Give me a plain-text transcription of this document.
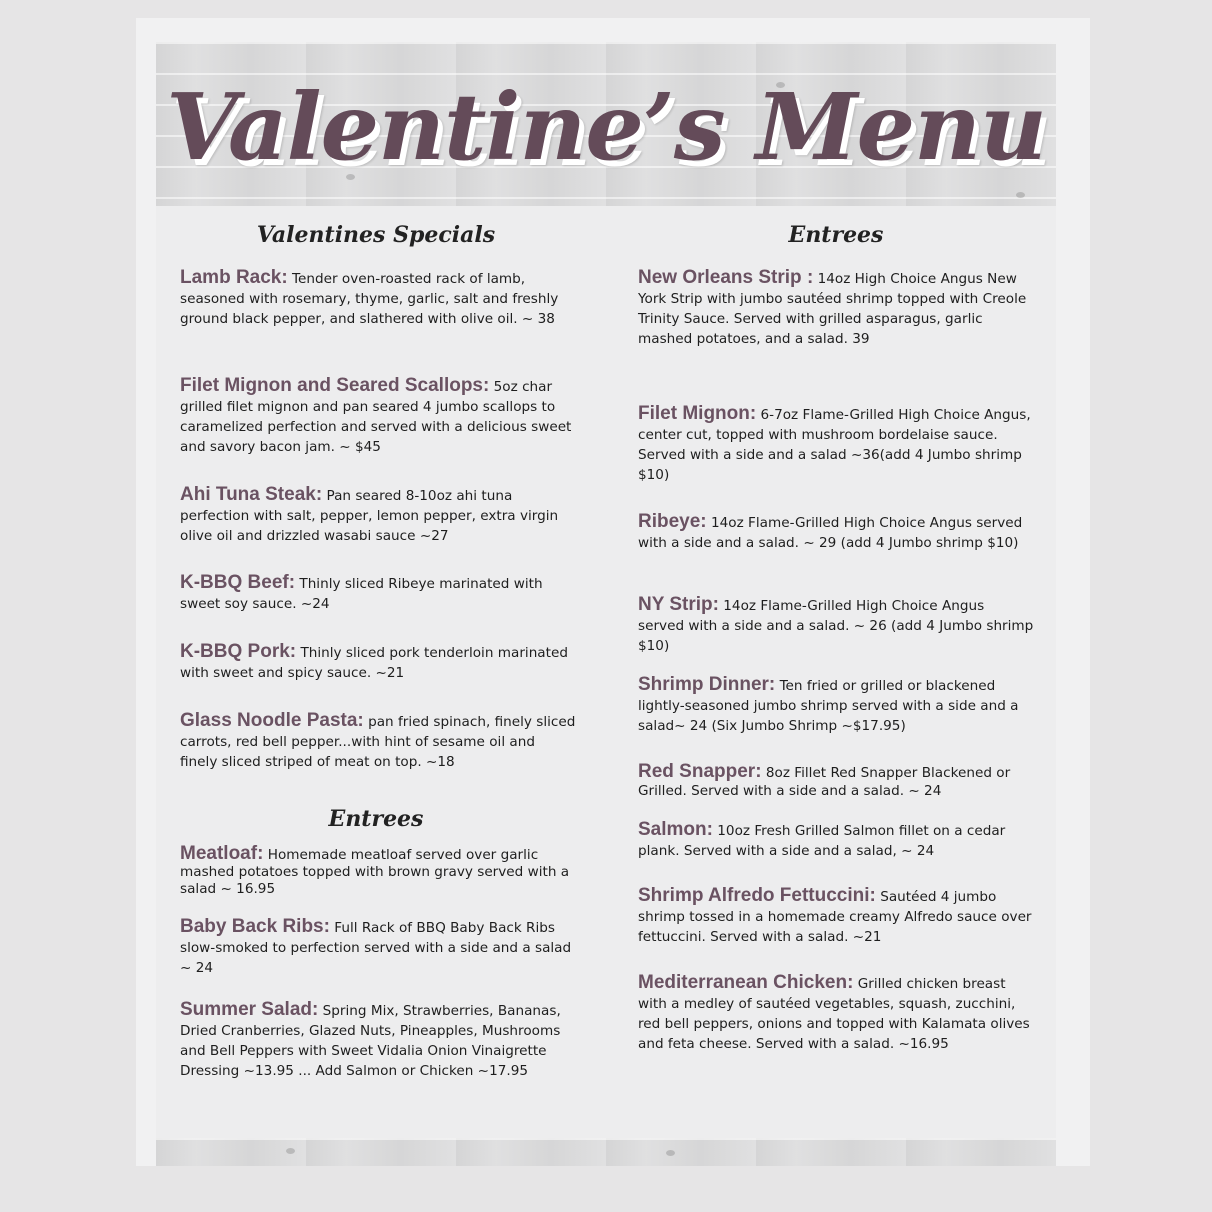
Valentine’s Menu
Valentines Specials
Lamb Rack: Tender oven-roasted rack of lamb, seasoned with rosemary, thyme, garlic, salt and freshly ground black pepper, and slathered with olive oil. ~ 38
Filet Mignon and Seared Scallops: 5oz char grilled filet mignon and pan seared 4 jumbo scallops to caramelized perfection and served with a delicious sweet and savory bacon jam. ~ $45
Ahi Tuna Steak: Pan seared 8-10oz ahi tuna perfection with salt, pepper, lemon pepper, extra virgin olive oil and drizzled wasabi sauce ~27
K-BBQ Beef: Thinly sliced Ribeye marinated with sweet soy sauce. ~24
K-BBQ Pork: Thinly sliced pork tenderloin marinated with sweet and spicy sauce. ~21
Glass Noodle Pasta: pan fried spinach, finely sliced carrots, red bell pepper...with hint of sesame oil and finely sliced striped of meat on top. ~18
Entrees
Meatloaf: Homemade meatloaf served over garlic mashed potatoes topped with brown gravy served with a salad ~ 16.95
Baby Back Ribs: Full Rack of BBQ Baby Back Ribs slow-smoked to perfection served with a side and a salad ~ 24
Summer Salad: Spring Mix, Strawberries, Bananas, Dried Cranberries, Glazed Nuts, Pineapples, Mushrooms and Bell Peppers with Sweet Vidalia Onion Vinaigrette Dressing ~13.95 ... Add Salmon or Chicken ~17.95
Entrees
New Orleans Strip : 14oz High Choice Angus New York Strip with jumbo sautéed shrimp topped with Creole Trinity Sauce. Served with grilled asparagus, garlic mashed potatoes, and a salad. 39
Filet Mignon: 6-7oz Flame-Grilled High Choice Angus, center cut, topped with mushroom bordelaise sauce. Served with a side and a salad ~36(add 4 Jumbo shrimp $10)
Ribeye: 14oz Flame-Grilled High Choice Angus served with a side and a salad. ~ 29 (add 4 Jumbo shrimp $10)
NY Strip: 14oz Flame-Grilled High Choice Angus served with a side and a salad. ~ 26 (add 4 Jumbo shrimp $10)
Shrimp Dinner: Ten fried or grilled or blackened lightly-seasoned jumbo shrimp served with a side and a salad~ 24 (Six Jumbo Shrimp ~$17.95)
Red Snapper: 8oz Fillet Red Snapper Blackened or Grilled. Served with a side and a salad. ~ 24
Salmon: 10oz Fresh Grilled Salmon fillet on a cedar plank. Served with a side and a salad, ~ 24
Shrimp Alfredo Fettuccini: Sautéed 4 jumbo shrimp tossed in a homemade creamy Alfredo sauce over fettuccini. Served with a salad. ~21
Mediterranean Chicken: Grilled chicken breast with a medley of sautéed vegetables, squash, zucchini, red bell peppers, onions and topped with Kalamata olives and feta cheese. Served with a salad. ~16.95
